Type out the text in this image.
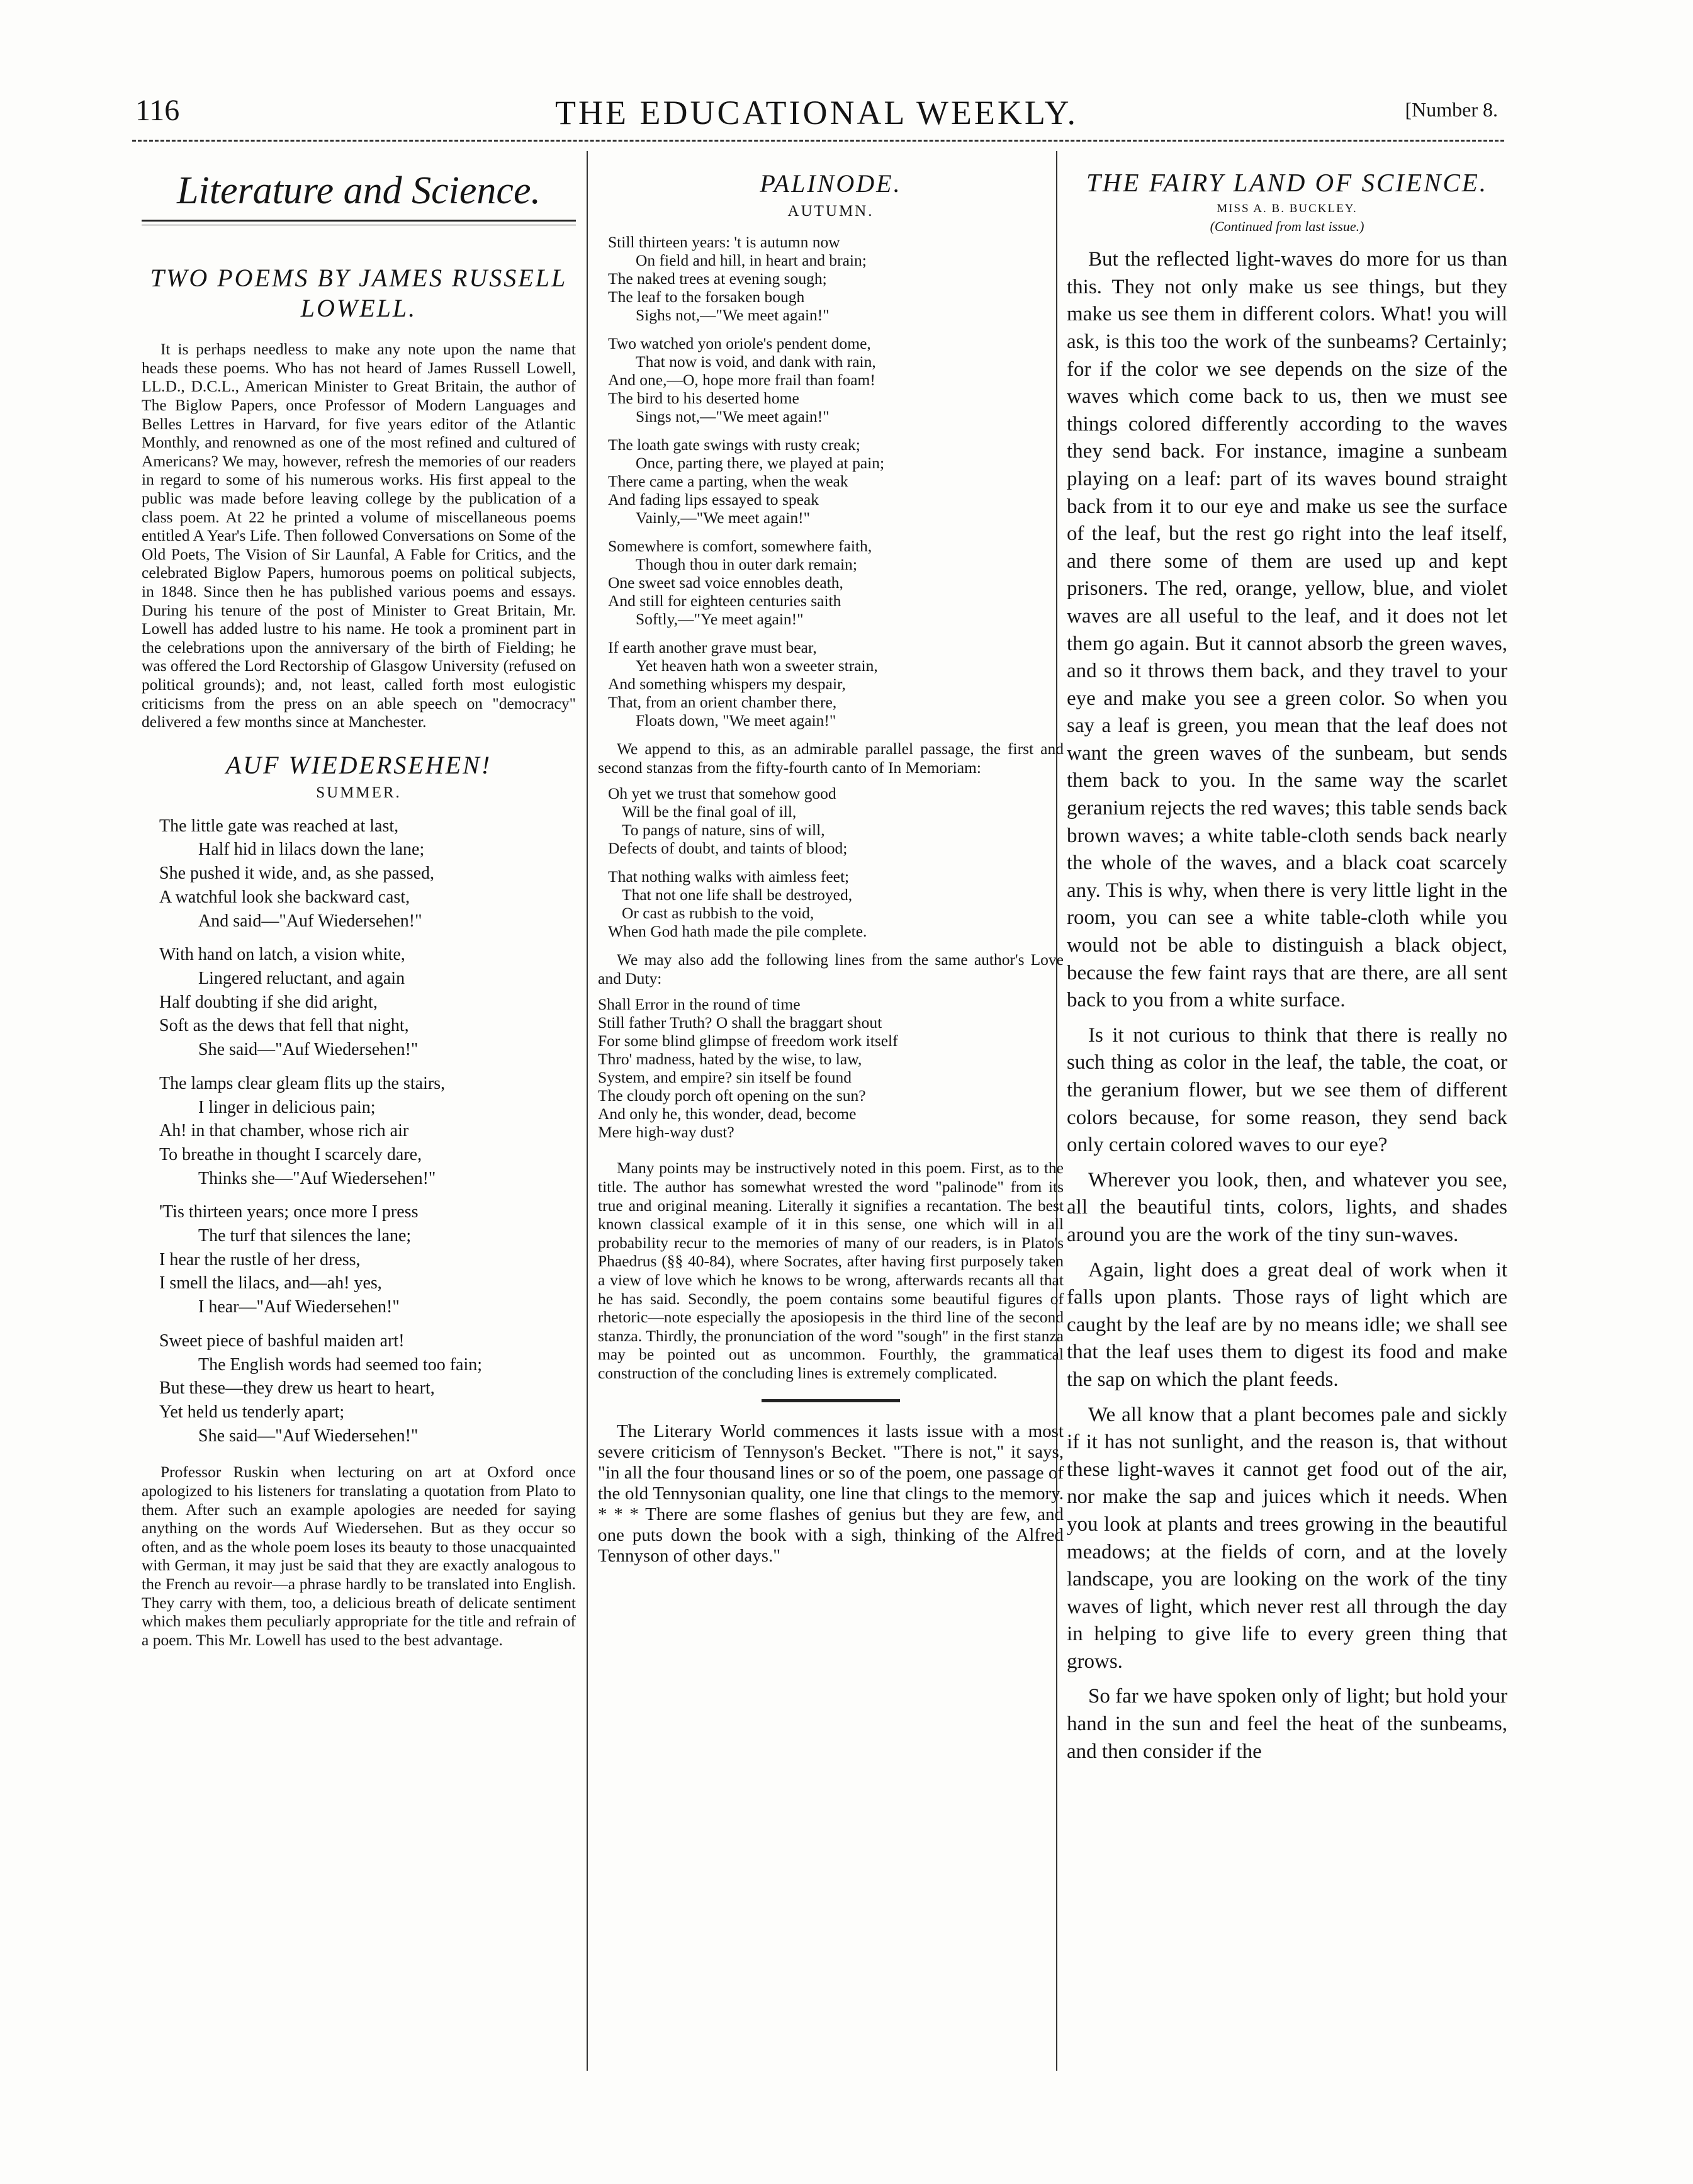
116	THE EDUCATIONAL WEEKLY.	[Number 8.
Literature and Science.
TWO POEMS BY JAMES RUSSELL LOWELL.

It is perhaps needless to make any note upon the name that heads these poems. Who has not heard of James Russell Lowell, LL.D., D.C.L., American Minister to Great Britain, the author of The Biglow Papers, once Professor of Modern Languages and Belles Lettres in Harvard, for five years editor of the Atlantic Monthly, and renowned as one of the most refined and cultured of Americans? We may, however, refresh the memories of our readers in regard to some of his numerous works. His first appeal to the public was made before leaving college by the publication of a class poem. At 22 he printed a volume of miscellaneous poems entitled A Year's Life. Then followed Conversations on Some of the Old Poets, The Vision of Sir Launfal, A Fable for Critics, and the celebrated Biglow Papers, humorous poems on political subjects, in 1848. Since then he has published various poems and essays. During his tenure of the post of Minister to Great Britain, Mr. Lowell has added lustre to his name. He took a prominent part in the celebrations upon the anniversary of the birth of Fielding; he was offered the Lord Rectorship of Glasgow University (refused on political grounds); and, not least, called forth most eulogistic criticisms from the press on an able speech on "democracy" delivered a few months since at Manchester.

AUF WIEDERSEHEN!
SUMMER.
The little gate was reached at last,
Half hid in lilacs down the lane;
She pushed it wide, and, as she passed,
A watchful look she backward cast,
And said—"Auf Wiedersehen!"
With hand on latch, a vision white,
Lingered reluctant, and again
Half doubting if she did aright,
Soft as the dews that fell that night,
She said—"Auf Wiedersehen!"
The lamps clear gleam flits up the stairs,
I linger in delicious pain;
Ah! in that chamber, whose rich air
To breathe in thought I scarcely dare,
Thinks she—"Auf Wiedersehen!"
'Tis thirteen years; once more I press
The turf that silences the lane;
I hear the rustle of her dress,
I smell the lilacs, and—ah! yes,
I hear—"Auf Wiedersehen!"
Sweet piece of bashful maiden art!
The English words had seemed too fain;
But these—they drew us heart to heart,
Yet held us tenderly apart;
She said—"Auf Wiedersehen!"

Professor Ruskin when lecturing on art at Oxford once apologized to his listeners for translating a quotation from Plato to them. After such an example apologies are needed for saying anything on the words Auf Wiedersehen. But as they occur so often, and as the whole poem loses its beauty to those unacquainted with German, it may just be said that they are exactly analogous to the French au revoir—a phrase hardly to be translated into English. They carry with them, too, a delicious breath of delicate sentiment which makes them peculiarly appropriate for the title and refrain of a poem. This Mr. Lowell has used to the best advantage.

PALINODE.
AUTUMN.
Still thirteen years: 't is autumn now
On field and hill, in heart and brain;
The naked trees at evening sough;
The leaf to the forsaken bough
Sighs not,—"We meet again!"
Two watched yon oriole's pendent dome,
That now is void, and dank with rain,
And one,—O, hope more frail than foam!
The bird to his deserted home
Sings not,—"We meet again!"
The loath gate swings with rusty creak;
Once, parting there, we played at pain;
There came a parting, when the weak
And fading lips essayed to speak
Vainly,—"We meet again!"
Somewhere is comfort, somewhere faith,
Though thou in outer dark remain;
One sweet sad voice ennobles death,
And still for eighteen centuries saith
Softly,—"Ye meet again!"
If earth another grave must bear,
Yet heaven hath won a sweeter strain,
And something whispers my despair,
That, from an orient chamber there,
Floats down, "We meet again!"

We append to this, as an admirable parallel passage, the first and second stanzas from the fifty-fourth canto of In Memoriam:

Oh yet we trust that somehow good
Will be the final goal of ill,
To pangs of nature, sins of will,
Defects of doubt, and taints of blood;
That nothing walks with aimless feet;
That not one life shall be destroyed,
Or cast as rubbish to the void,
When God hath made the pile complete.

We may also add the following lines from the same author's Love and Duty:

Shall Error in the round of time
Still father Truth? O shall the braggart shout
For some blind glimpse of freedom work itself
Thro' madness, hated by the wise, to law,
System, and empire? sin itself be found
The cloudy porch oft opening on the sun?
And only he, this wonder, dead, become
Mere high-way dust?

Many points may be instructively noted in this poem. First, as to the title. The author has somewhat wrested the word "palinode" from its true and original meaning. Literally it signifies a recantation. The best known classical example of it in this sense, one which will in all probability recur to the memories of many of our readers, is in Plato's Phaedrus (§§ 40-84), where Socrates, after having first purposely taken a view of love which he knows to be wrong, afterwards recants all that he has said. Secondly, the poem contains some beautiful figures of rhetoric—note especially the aposiopesis in the third line of the second stanza. Thirdly, the pronunciation of the word "sough" in the first stanza may be pointed out as uncommon. Fourthly, the grammatical construction of the concluding lines is extremely complicated.

The Literary World commences it lasts issue with a most severe criticism of Tennyson's Becket. "There is not," it says, "in all the four thousand lines or so of the poem, one passage of the old Tennysonian quality, one line that clings to the memory. * * * There are some flashes of genius but they are few, and one puts down the book with a sigh, thinking of the Alfred Tennyson of other days."

THE FAIRY LAND OF SCIENCE.
MISS A. B. BUCKLEY.
(Continued from last issue.)

But the reflected light-waves do more for us than this. They not only make us see things, but they make us see them in different colors. What! you will ask, is this too the work of the sunbeams? Certainly; for if the color we see depends on the size of the waves which come back to us, then we must see things colored differently according to the waves they send back. For instance, imagine a sunbeam playing on a leaf: part of its waves bound straight back from it to our eye and make us see the surface of the leaf, but the rest go right into the leaf itself, and there some of them are used up and kept prisoners. The red, orange, yellow, blue, and violet waves are all useful to the leaf, and it does not let them go again. But it cannot absorb the green waves, and so it throws them back, and they travel to your eye and make you see a green color. So when you say a leaf is green, you mean that the leaf does not want the green waves of the sunbeam, but sends them back to you. In the same way the scarlet geranium rejects the red waves; this table sends back brown waves; a white table-cloth sends back nearly the whole of the waves, and a black coat scarcely any. This is why, when there is very little light in the room, you can see a white table-cloth while you would not be able to distinguish a black object, because the few faint rays that are there, are all sent back to you from a white surface.

Is it not curious to think that there is really no such thing as color in the leaf, the table, the coat, or the geranium flower, but we see them of different colors because, for some reason, they send back only certain colored waves to our eye?

Wherever you look, then, and whatever you see, all the beautiful tints, colors, lights, and shades around you are the work of the tiny sun-waves.

Again, light does a great deal of work when it falls upon plants. Those rays of light which are caught by the leaf are by no means idle; we shall see that the leaf uses them to digest its food and make the sap on which the plant feeds.

We all know that a plant becomes pale and sickly if it has not sunlight, and the reason is, that without these light-waves it cannot get food out of the air, nor make the sap and juices which it needs. When you look at plants and trees growing in the beautiful meadows; at the fields of corn, and at the lovely landscape, you are looking on the work of the tiny waves of light, which never rest all through the day in helping to give life to every green thing that grows.

So far we have spoken only of light; but hold your hand in the sun and feel the heat of the sunbeams, and then consider if the
